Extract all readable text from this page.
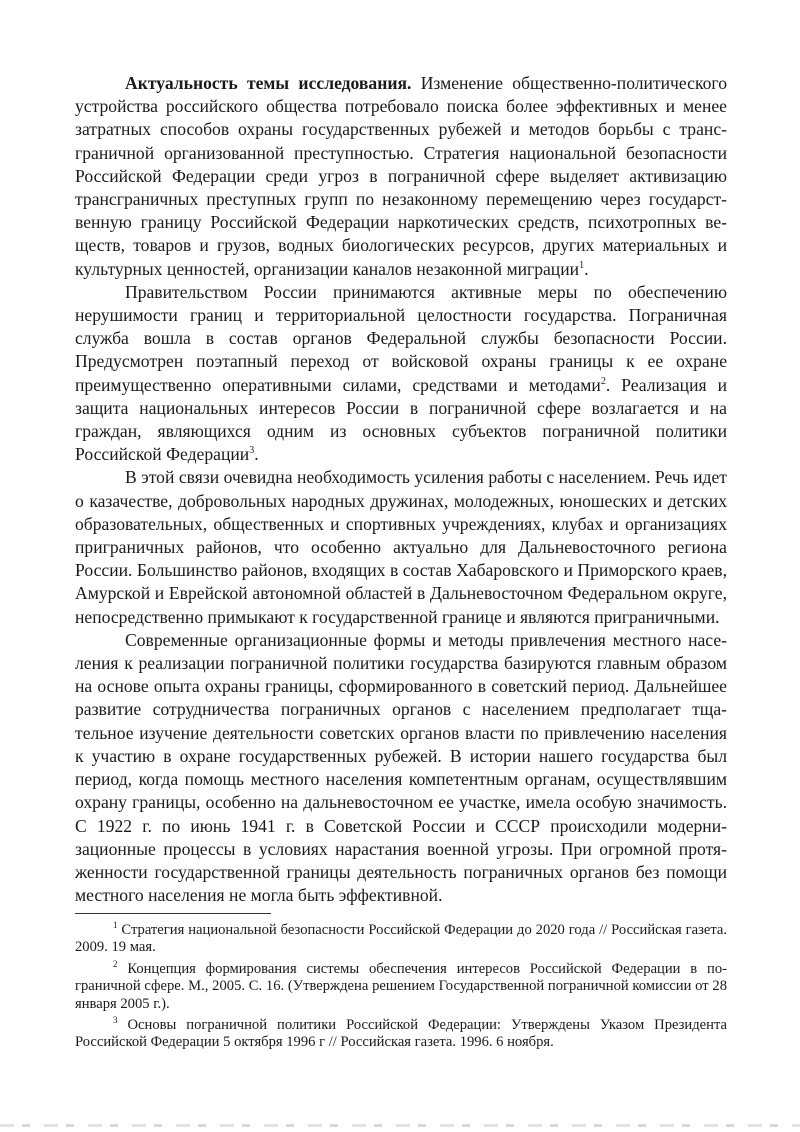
Актуальность темы исследования. Изменение общественно-политического устройства российского общества потребовало поиска более эффективных и менее затратных способов охраны государственных рубежей и методов борьбы с трансграничной организованной преступностью. Стратегия национальной безопасности Российской Федерации среди угроз в пограничной сфере выделяет активизацию трансграничных преступных групп по незаконному перемещению через государственную границу Российской Федерации наркотических средств, психотропных веществ, товаров и грузов, водных биологических ресурсов, других материальных и культурных ценностей, организации каналов незаконной миграции$^1$.

Правительством России принимаются активные меры по обеспечению нерушимости границ и территориальной целостности государства. Пограничная служба вошла в состав органов Федеральной службы безопасности России. Предусмотрен поэтапный переход от войсковой охраны границы к ее охране преимущественно оперативными силами, средствами и методами$^2$. Реализация и защита национальных интересов России в пограничной сфере возлагается и на граждан, являющихся одним из основных субъектов пограничной политики Российской Федерации$^3$.

В этой связи очевидна необходимость усиления работы с населением. Речь идет о казачестве, добровольных народных дружинах, молодежных, юношеских и детских образовательных, общественных и спортивных учреждениях, клубах и организациях приграничных районов, что особенно актуально для Дальневосточного региона России. Большинство районов, входящих в состав Хабаровского и Приморского краев, Амурской и Еврейской автономной областей в Дальневосточном Федеральном округе, непосредственно примыкают к государственной границе и являются приграничными.

Современные организационные формы и методы привлечения местного населения к реализации пограничной политики государства базируются главным образом на основе опыта охраны границы, сформированного в советский период. Дальнейшее развитие сотрудничества пограничных органов с населением предполагает тщательное изучение деятельности советских органов власти по привлечению населения к участию в охране государственных рубежей. В истории нашего государства был период, когда помощь местного населения компетентным органам, осуществлявшим охрану границы, особенно на дальневосточном ее участке, имела особую значимость. С 1922 г. по июнь 1941 г. в Советской России и СССР происходили модернизационные процессы в условиях нарастания военной угрозы. При огромной протяженности государственной границы деятельность пограничных органов без помощи местного населения не могла быть эффективной.

$^1$ Стратегия национальной безопасности Российской Федерации до 2020 года // Российская газета. 2009. 19 мая.

$^2$ Концепция формирования системы обеспечения интересов Российской Федерации в пограничной сфере. М., 2005. С. 16. (Утверждена решением Государственной пограничной комиссии от 28 января 2005 г.).

$^3$ Основы пограничной политики Российской Федерации: Утверждены Указом Президента Российской Федерации 5 октября 1996 г // Российская газета. 1996. 6 ноября.
